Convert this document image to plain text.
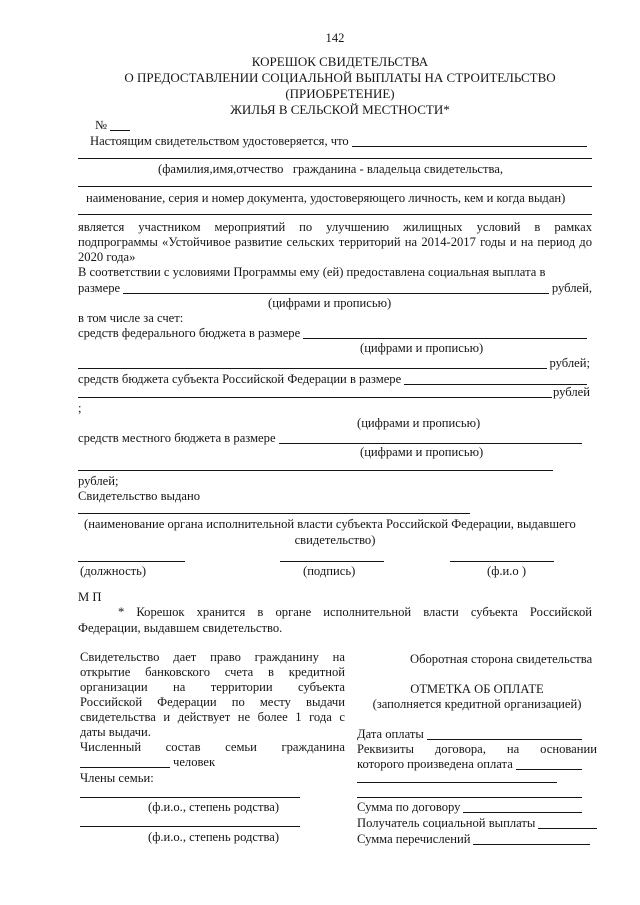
142
КОРЕШОК СВИДЕТЕЛЬСТВА
О ПРЕДОСТАВЛЕНИИ СОЦИАЛЬНОЙ ВЫПЛАТЫ НА СТРОИТЕЛЬСТВО
(ПРИОБРЕТЕНИЕ)
ЖИЛЬЯ В СЕЛЬСКОЙ МЕСТНОСТИ*
№
Настоящим свидетельством удостоверяется, что
(фамилия,имя,отчество   гражданина - владельца свидетельства,
наименование, серия и номер документа, удостоверяющего личность, кем и когда выдан)
является участником мероприятий по улучшению жилищных условий в рамках
подпрограммы «Устойчивое развитие сельских территорий на 2014-2017 годы и на период до
2020 года»
В соответствии с условиями Программы ему (ей) предоставлена социальная выплата в
размере	рублей,
(цифрами и прописью)
в том числе за счет:
средств федерального бюджета в размере
(цифрами и прописью)
рублей;
средств бюджета субъекта Российской Федерации в размере
рублей
;
(цифрами и прописью)
средств местного бюджета в размере
(цифрами и прописью)
рублей;
Свидетельство выдано
(наименование органа исполнительной власти субъекта Российской Федерации, выдавшего
свидетельство)
(должность)	(подпись)	(ф.и.о )
М П
* Корешок хранится в органе исполнительной власти субъекта Российской
Федерации, выдавшем свидетельство.
Свидетельство дает право гражданину на
открытие банковского счета в кредитной
организации на территории субъекта
Российской Федерации по месту выдачи
свидетельства и действует не более 1 года с
даты выдачи.
Численный состав семьи гражданина
человек
Члены семьи:
(ф.и.о., степень родства)
(ф.и.о., степень родства)
Оборотная сторона свидетельства
ОТМЕТКА ОБ ОПЛАТЕ
(заполняется кредитной организацией)
Дата оплаты
Реквизиты договора, на основании
которого произведена оплата
Сумма по договору
Получатель социальной выплаты
Сумма перечислений
